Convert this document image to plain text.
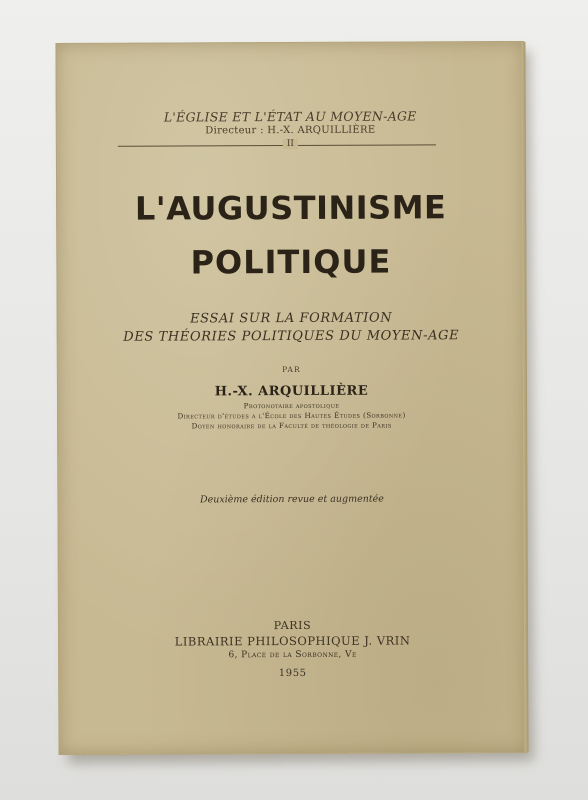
L'ÉGLISE ET L'ÉTAT AU MOYEN-AGE
Directeur : H.-X. ARQUILLIÈRE
II
L'AUGUSTINISME
POLITIQUE
ESSAI SUR LA FORMATION
DES THÉORIES POLITIQUES DU MOYEN-AGE
PAR
H.-X. ARQUILLIÈRE
Protonotaire apostolique
Directeur d'études a l'École des Hautes Études (Sorbonne)
Doyen honoraire de la Faculté de théologie de Paris
Deuxième édition revue et augmentée
PARIS
LIBRAIRIE PHILOSOPHIQUE J. VRIN
6, Place de la Sorbonne, Ve
1955
